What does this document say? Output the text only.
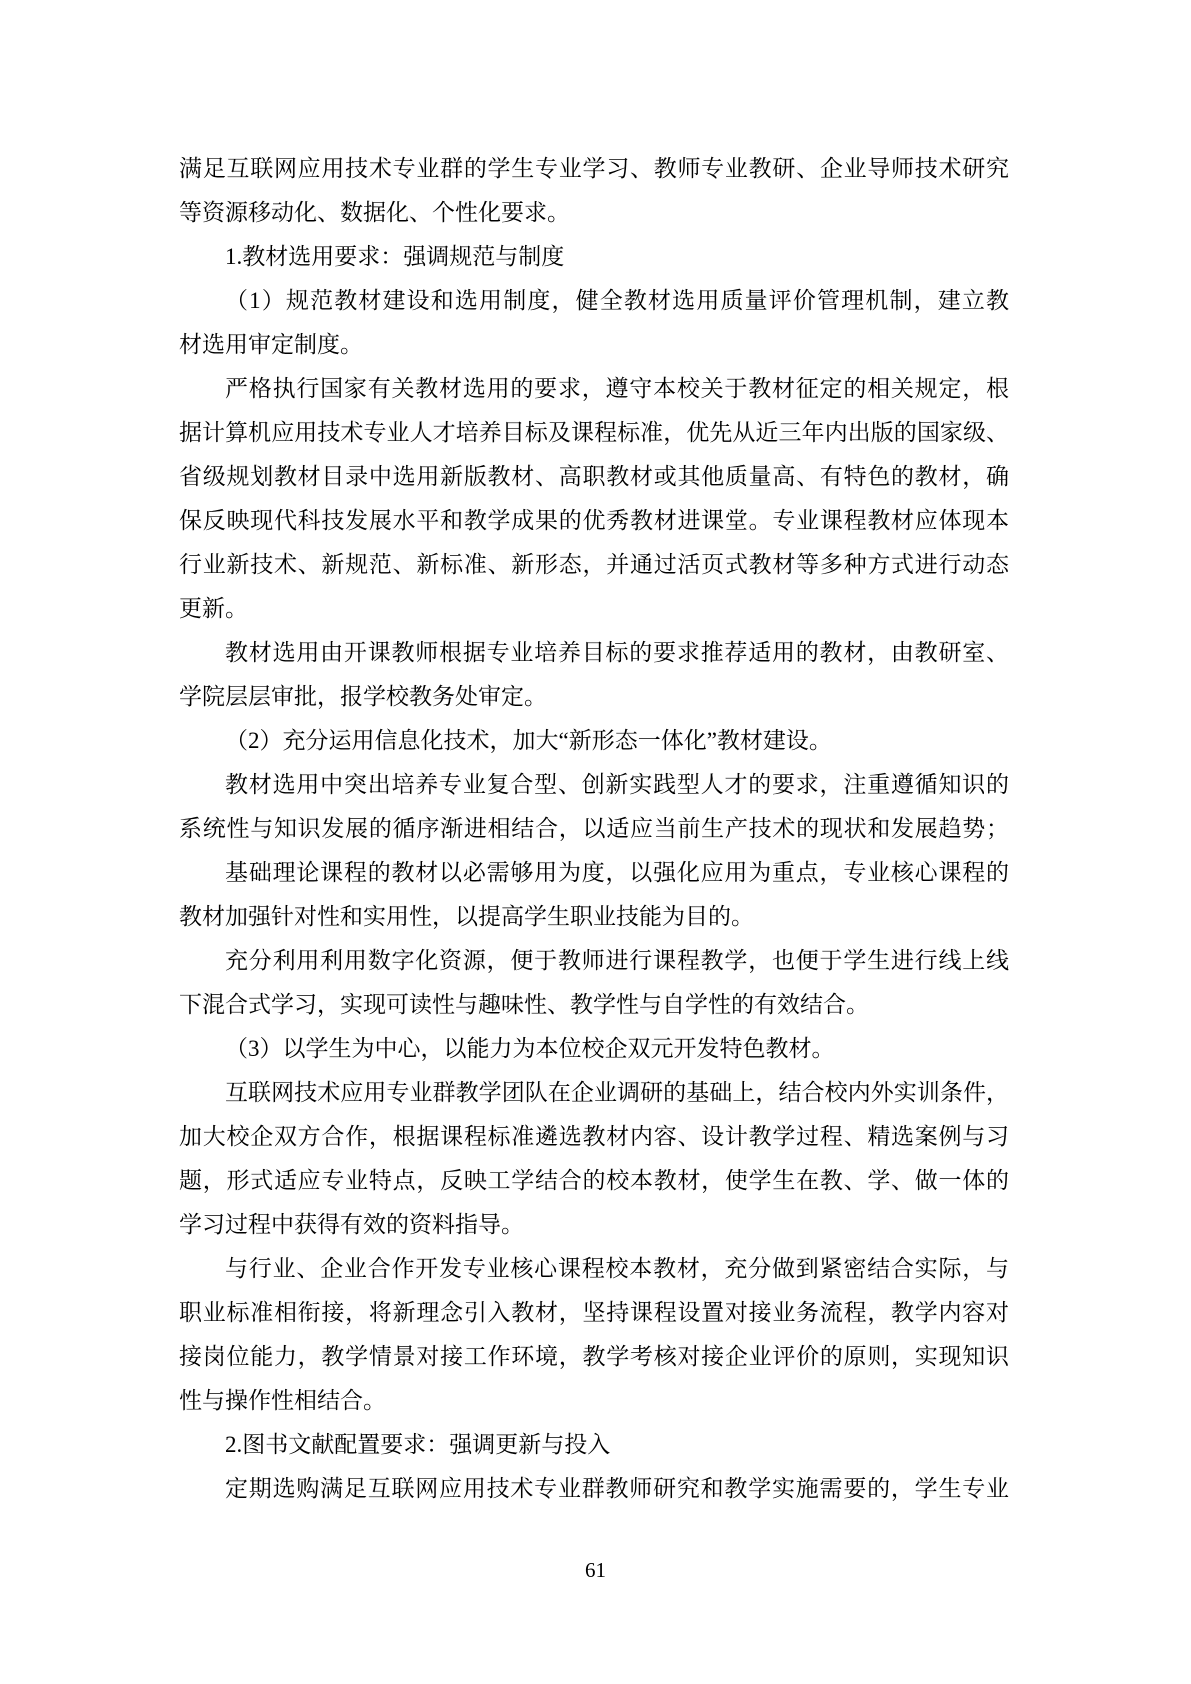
满足互联网应用技术专业群的学生专业学习、教师专业教研、企业导师技术研究
等资源移动化、数据化、个性化要求。
1.教材选用要求：强调规范与制度
（1）规范教材建设和选用制度，健全教材选用质量评价管理机制，建立教
材选用审定制度。
严格执行国家有关教材选用的要求，遵守本校关于教材征定的相关规定，根
据计算机应用技术专业人才培养目标及课程标准，优先从近三年内出版的国家级、
省级规划教材目录中选用新版教材、高职教材或其他质量高、有特色的教材，确
保反映现代科技发展水平和教学成果的优秀教材进课堂。专业课程教材应体现本
行业新技术、新规范、新标准、新形态，并通过活页式教材等多种方式进行动态
更新。
教材选用由开课教师根据专业培养目标的要求推荐适用的教材，由教研室、
学院层层审批，报学校教务处审定。
（2）充分运用信息化技术，加大“新形态一体化”教材建设。
教材选用中突出培养专业复合型、创新实践型人才的要求，注重遵循知识的
系统性与知识发展的循序渐进相结合，以适应当前生产技术的现状和发展趋势；
基础理论课程的教材以必需够用为度，以强化应用为重点，专业核心课程的
教材加强针对性和实用性，以提高学生职业技能为目的。
充分利用利用数字化资源，便于教师进行课程教学，也便于学生进行线上线
下混合式学习，实现可读性与趣味性、教学性与自学性的有效结合。
（3）以学生为中心，以能力为本位校企双元开发特色教材。
互联网技术应用专业群教学团队在企业调研的基础上，结合校内外实训条件，
加大校企双方合作，根据课程标准遴选教材内容、设计教学过程、精选案例与习
题，形式适应专业特点，反映工学结合的校本教材，使学生在教、学、做一体的
学习过程中获得有效的资料指导。
与行业、企业合作开发专业核心课程校本教材，充分做到紧密结合实际，与
职业标准相衔接，将新理念引入教材，坚持课程设置对接业务流程，教学内容对
接岗位能力，教学情景对接工作环境，教学考核对接企业评价的原则，实现知识
性与操作性相结合。
2.图书文献配置要求：强调更新与投入
定期选购满足互联网应用技术专业群教师研究和教学实施需要的，学生专业
61
